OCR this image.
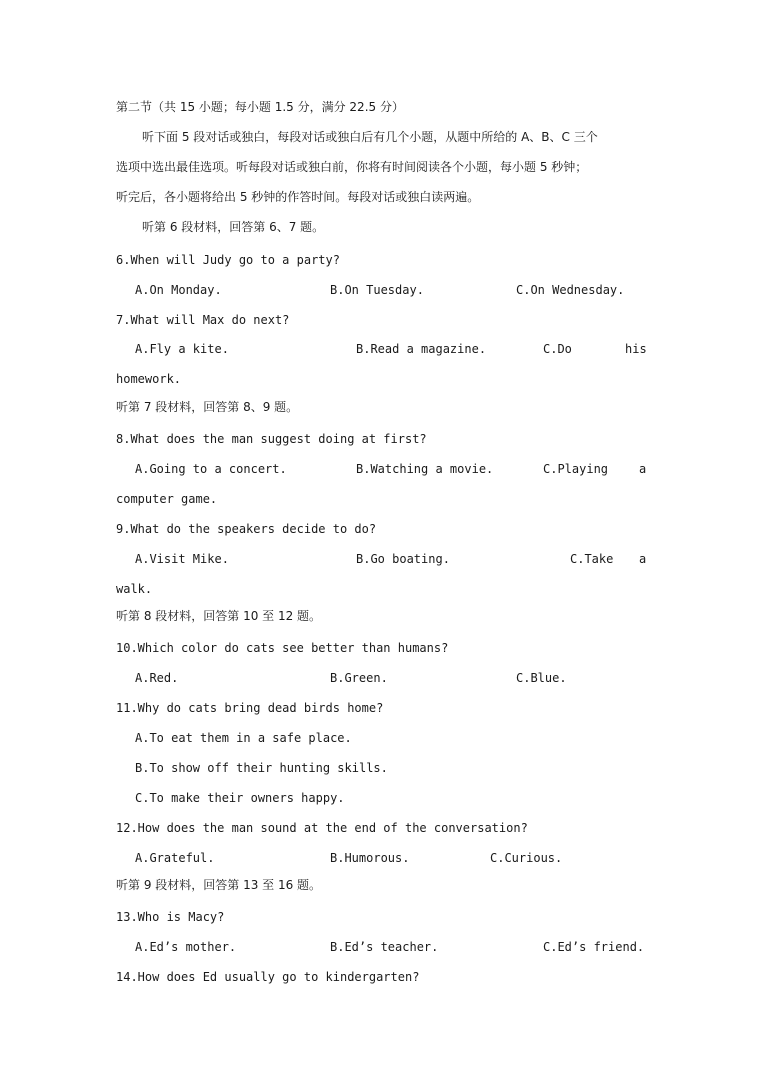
第二节（共 15 小题；每小题 1.5 分，满分 22.5 分）
听下面 5 段对话或独白，每段对话或独白后有几个小题，从题中所给的 A、B、C 三个
选项中选出最佳选项。听每段对话或独白前，你将有时间阅读各个小题，每小题 5 秒钟；
听完后，各小题将给出 5 秒钟的作答时间。每段对话或独白读两遍。
听第 6 段材料，回答第 6、7 题。
6.When will Judy go to a party?
A.On Monday.	B.On Tuesday.	C.On Wednesday.
7.What will Max do next?
A.Fly a kite.	B.Read a magazine.	C.Do	his
homework.
听第 7 段材料，回答第 8、9 题。
8.What does the man suggest doing at first?
A.Going to a concert.	B.Watching a movie.	C.Playing	a
computer game.
9.What do the speakers decide to do?
A.Visit Mike.	B.Go boating.	C.Take a
walk.
听第 8 段材料，回答第 10 至 12 题。
10.Which color do cats see better than humans?
A.Red.	B.Green.	C.Blue.
11.Why do cats bring dead birds home?
A.To eat them in a safe place.
B.To show off their hunting skills.
C.To make their owners happy.
12.How does the man sound at the end of the conversation?
A.Grateful.	B.Humorous.	C.Curious.
听第 9 段材料，回答第 13 至 16 题。
13.Who is Macy?
A.Ed’s mother.	B.Ed’s teacher.	C.Ed’s friend.
14.How does Ed usually go to kindergarten?
